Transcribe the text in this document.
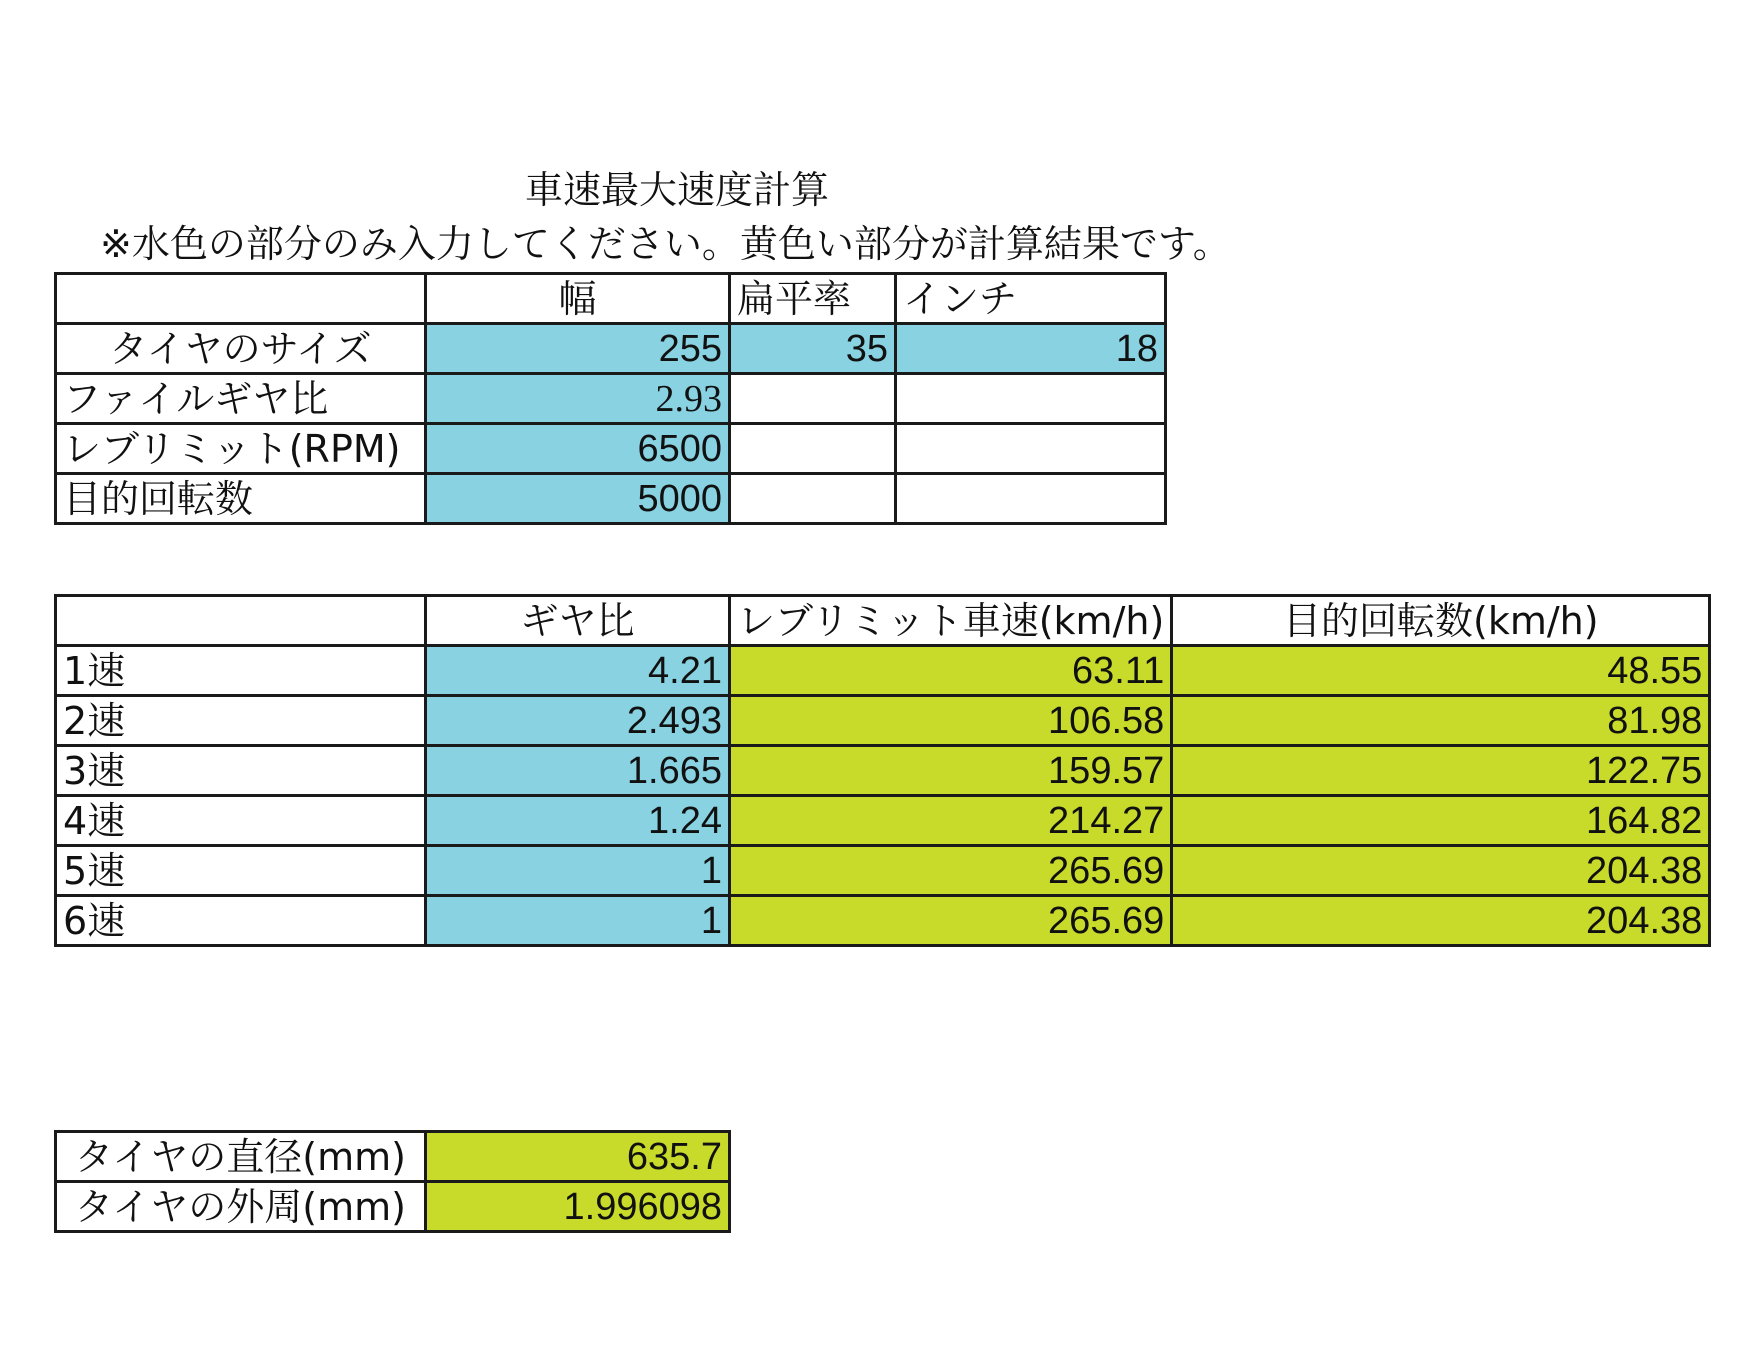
車速最大速度計算
※水色の部分のみ入力してください。黄色い部分が計算結果です。
	幅	扁平率	インチ
タイヤのサイズ	255	35	18
ファイルギヤ比	2.93		
レブリミット(RPM)	6500		
目的回転数	5000		
	ギヤ比	レブリミット車速(km/h)	目的回転数(km/h)
1速	4.21	63.11	48.55
2速	2.493	106.58	81.98
3速	1.665	159.57	122.75
4速	1.24	214.27	164.82
5速	1	265.69	204.38
6速	1	265.69	204.38
タイヤの直径(mm)	635.7
タイヤの外周(mm)	1.996098
